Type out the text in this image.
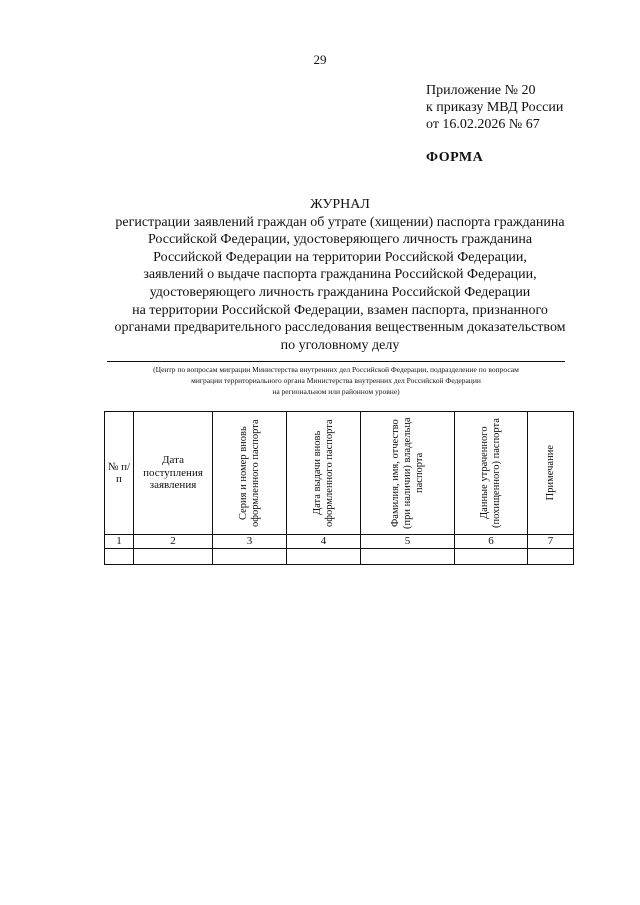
29
Приложение № 20
к приказу МВД России
от 16.02.2026 № 67
ФОРМА
ЖУРНАЛ
регистрации заявлений граждан об утрате (хищении) паспорта гражданина
Российской Федерации, удостоверяющего личность гражданина
Российской Федерации на территории Российской Федерации,
заявлений о выдаче паспорта гражданина Российской Федерации,
удостоверяющего личность гражданина Российской Федерации
на территории Российской Федерации, взамен паспорта, признанного
органами предварительного расследования вещественным доказательством
по уголовному делу
(Центр по вопросам миграции Министерства внутренних дел Российской Федерации, подразделение по вопросам
миграции территориального органа Министерства внутренних дел Российской Федерации
на региональном или районном уровне)
№ п/п	Дата поступления заявления	Серия и номер вновь оформленного паспорта	Дата выдачи вновь оформленного паспорта	Фамилия, имя, отчество (при наличии) владельца паспорта	Данные утраченного (похищенного) паспорта	Примечание

1	2	3	4	5	6	7
